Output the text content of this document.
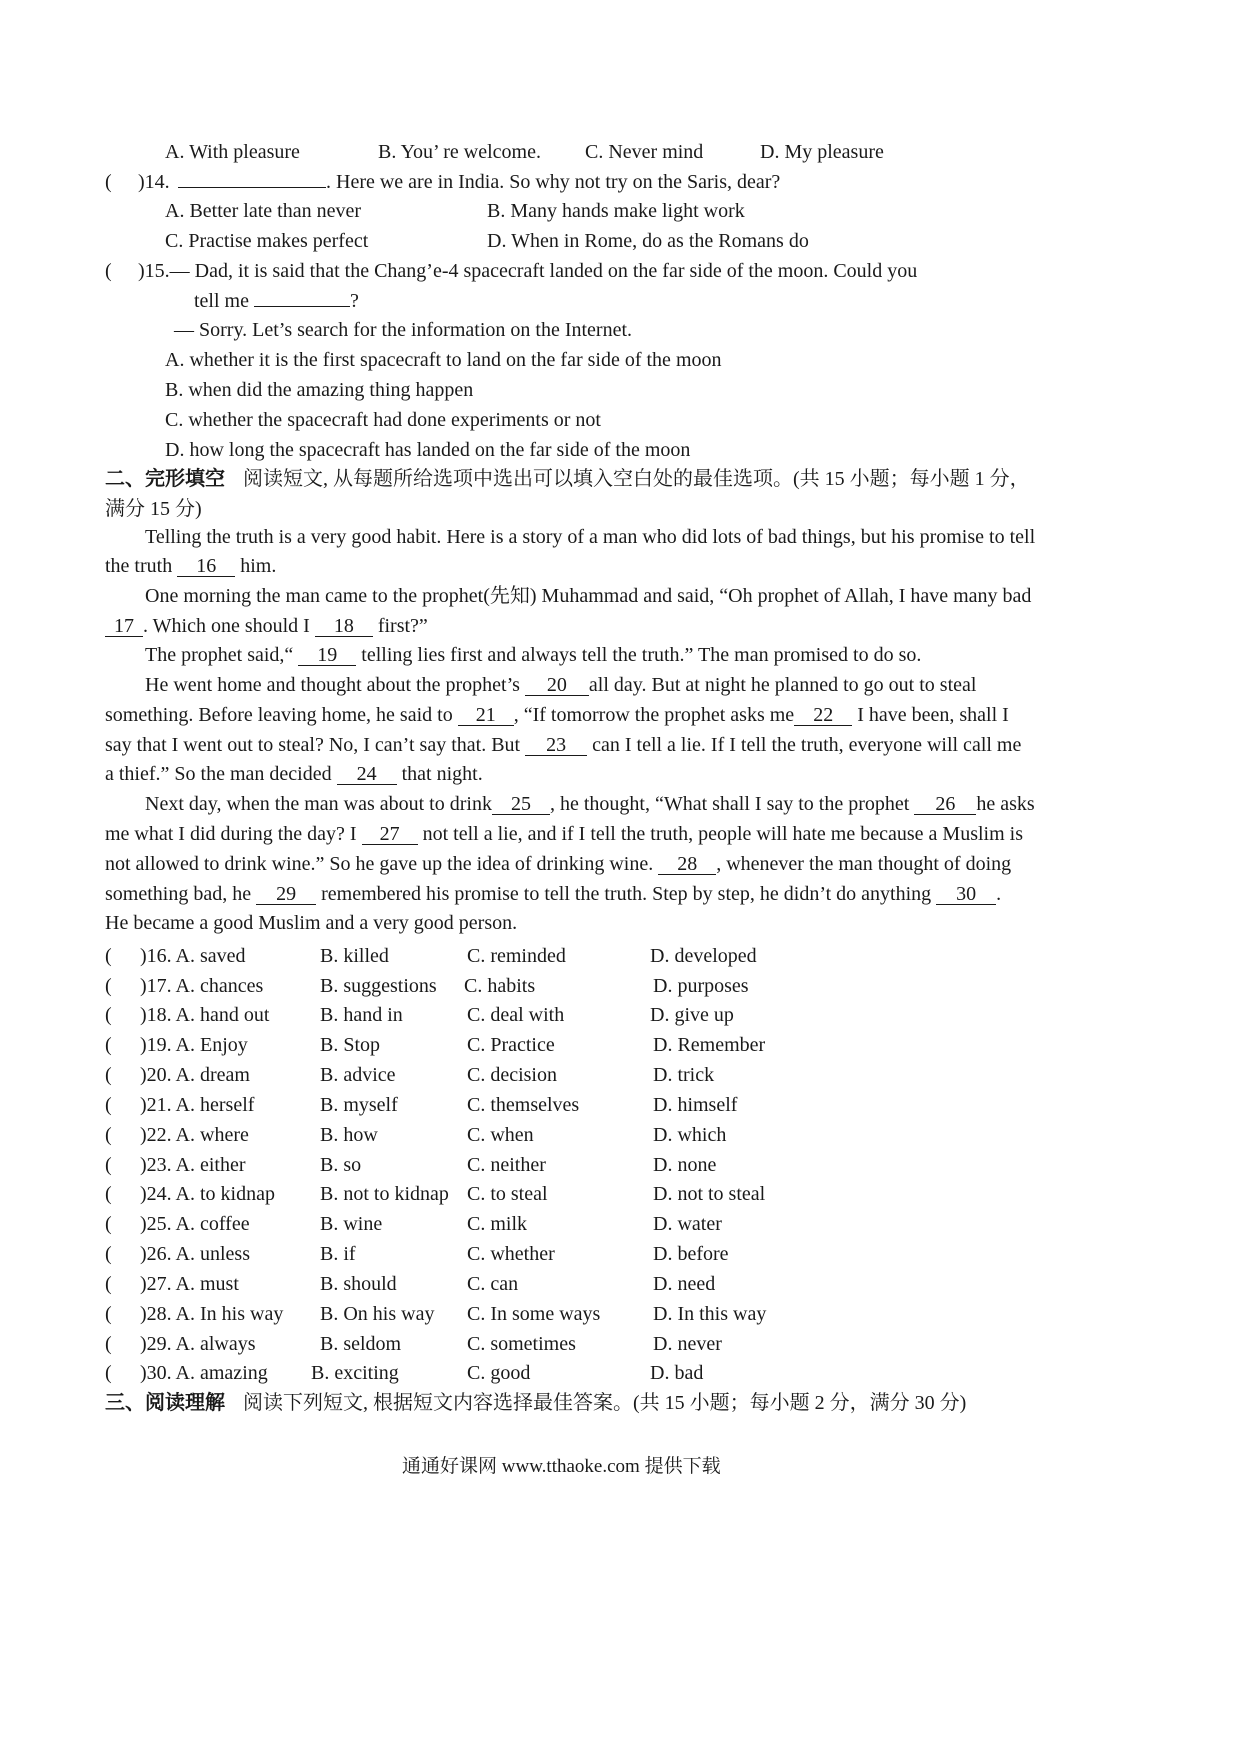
A. With pleasure	B. You’ re welcome. C. Never mind	D. My pleasure
( )14.	. Here we are in India. So why not try on the Saris, dear?
A. Better late than never	B. Many hands make light work
C. Practise makes perfect	D. When in Rome, do as the Romans do
( )15.— Dad, it is said that the Chang’e-4 spacecraft landed on the far side of the moon. Could you
tell me	?
— Sorry. Let’s search for the information on the Internet.
A. whether it is the first spacecraft to land on the far side of the moon
B. when did the amazing thing happen
C. whether the spacecraft had done experiments or not
D. how long the spacecraft has landed on the far side of the moon
二、完形填空 阅读短文, 从每题所给选项中选出可以填入空白处的最佳选项。(共 15 小题；每小题 1 分，
满分 15 分)
Telling the truth is a very good habit. Here is a story of a man who did lots of bad things, but his promise to tell
the truth 16 him.
One morning the man came to the prophet(先知) Muhammad and said, “Oh prophet of Allah, I have many bad
17 . Which one should I 18 first?”
The prophet said,“ 19 telling lies first and always tell the truth.” The man promised to do so.
He went home and thought about the prophet’s 20 all day. But at night he planned to go out to steal
something. Before leaving home, he said to 21 , “If tomorrow the prophet asks me 22 I have been, shall I
say that I went out to steal? No, I can’t say that. But 23 can I tell a lie. If I tell the truth, everyone will call me
a thief.” So the man decided 24 that night.
Next day, when the man was about to drink 25 , he thought, “What shall I say to the prophet 26 he asks
me what I did during the day? I 27 not tell a lie, and if I tell the truth, people will hate me because a Muslim is
not allowed to drink wine.” So he gave up the idea of drinking wine. 28 , whenever the man thought of doing
something bad, he 29 remembered his promise to tell the truth. Step by step, he didn’t do anything 30 .
He became a good Muslim and a very good person.
( )16. A. saved	B. killed	C. reminded	D. developed
( )17. A. chances	B. suggestions C. habits	D. purposes
( )18. A. hand out	B. hand in	C. deal with	D. give up
( )19. A. Enjoy	B. Stop	C. Practice	D. Remember
( )20. A. dream	B. advice	C. decision	D. trick
( )21. A. herself	B. myself	C. themselves	D. himself
( )22. A. where	B. how	C. when	D. which
( )23. A. either	B. so	C. neither	D. none
( )24. A. to kidnap B. not to kidnap C. to steal	D. not to steal
( )25. A. coffee	B. wine	C. milk	D. water
( )26. A. unless	B. if	C. whether	D. before
( )27. A. must	B. should	C. can	D. need
( )28. A. In his way B. On his way C. In some ways	D. In this way
( )29. A. always	B. seldom	C. sometimes	D. never
( )30. A. amazing B. exciting	C. good	D. bad
三、阅读理解 阅读下列短文, 根据短文内容选择最佳答案。(共 15 小题；每小题 2 分，满分 30 分)
通通好课网 www.tthaoke.com 提供下载
